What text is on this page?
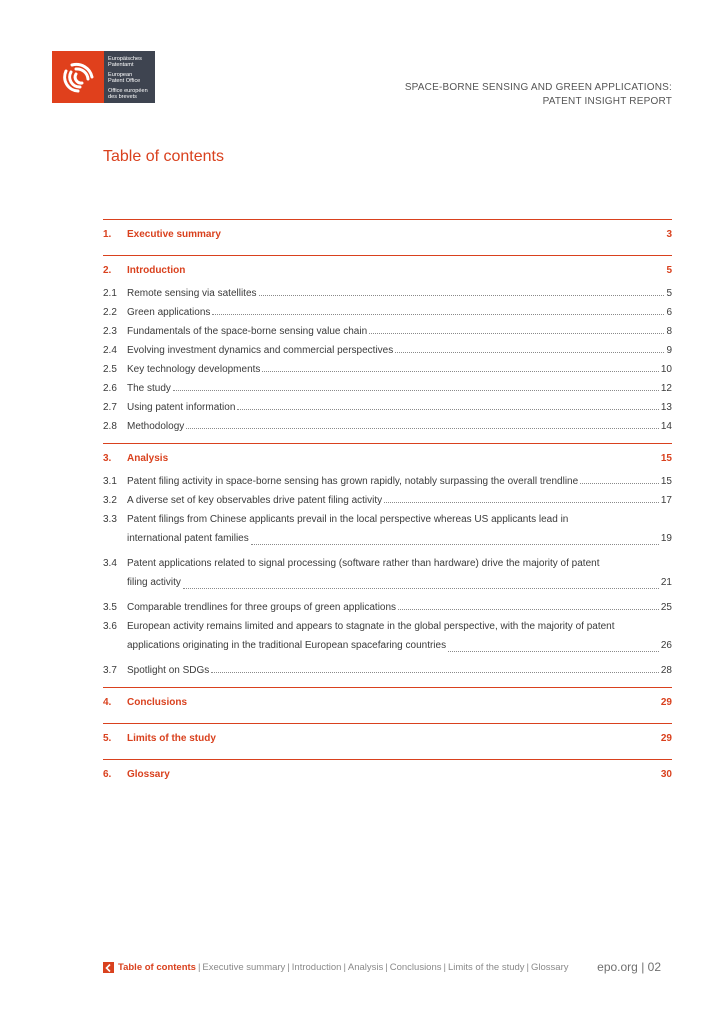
Europäisches
Patentamt
European
Patent Office
Office européen
des brevets
SPACE-BORNE SENSING AND GREEN APPLICATIONS:
PATENT INSIGHT REPORT
Table of contents
1.	Executive summary	3
2.	Introduction	5
2.1	Remote sensing via satellites	5
2.2	Green applications	6
2.3	Fundamentals of the space-borne sensing value chain	8
2.4	Evolving investment dynamics and commercial perspectives	9
2.5	Key technology developments	10
2.6	The study	12
2.7	Using patent information	13
2.8	Methodology	14
3.	Analysis	15
3.1	Patent filing activity in space-borne sensing has grown rapidly, notably surpassing the overall trendline	15
3.2	A diverse set of key observables drive patent filing activity	17
3.3	Patent filings from Chinese applicants prevail in the local perspective whereas US applicants lead in
international patent families	19
3.4	Patent applications related to signal processing (software rather than hardware) drive the majority of patent
filing activity	21
3.5	Comparable trendlines for three groups of green applications	25
3.6	European activity remains limited and appears to stagnate in the global perspective, with the majority of patent
applications originating in the traditional European spacefaring countries	26
3.7	Spotlight on SDGs	28
4.	Conclusions	29
5.	Limits of the study	29
6.	Glossary	30
Table of contents | Executive summary | Introduction | Analysis | Conclusions | Limits of the study | Glossary epo.org | 02
